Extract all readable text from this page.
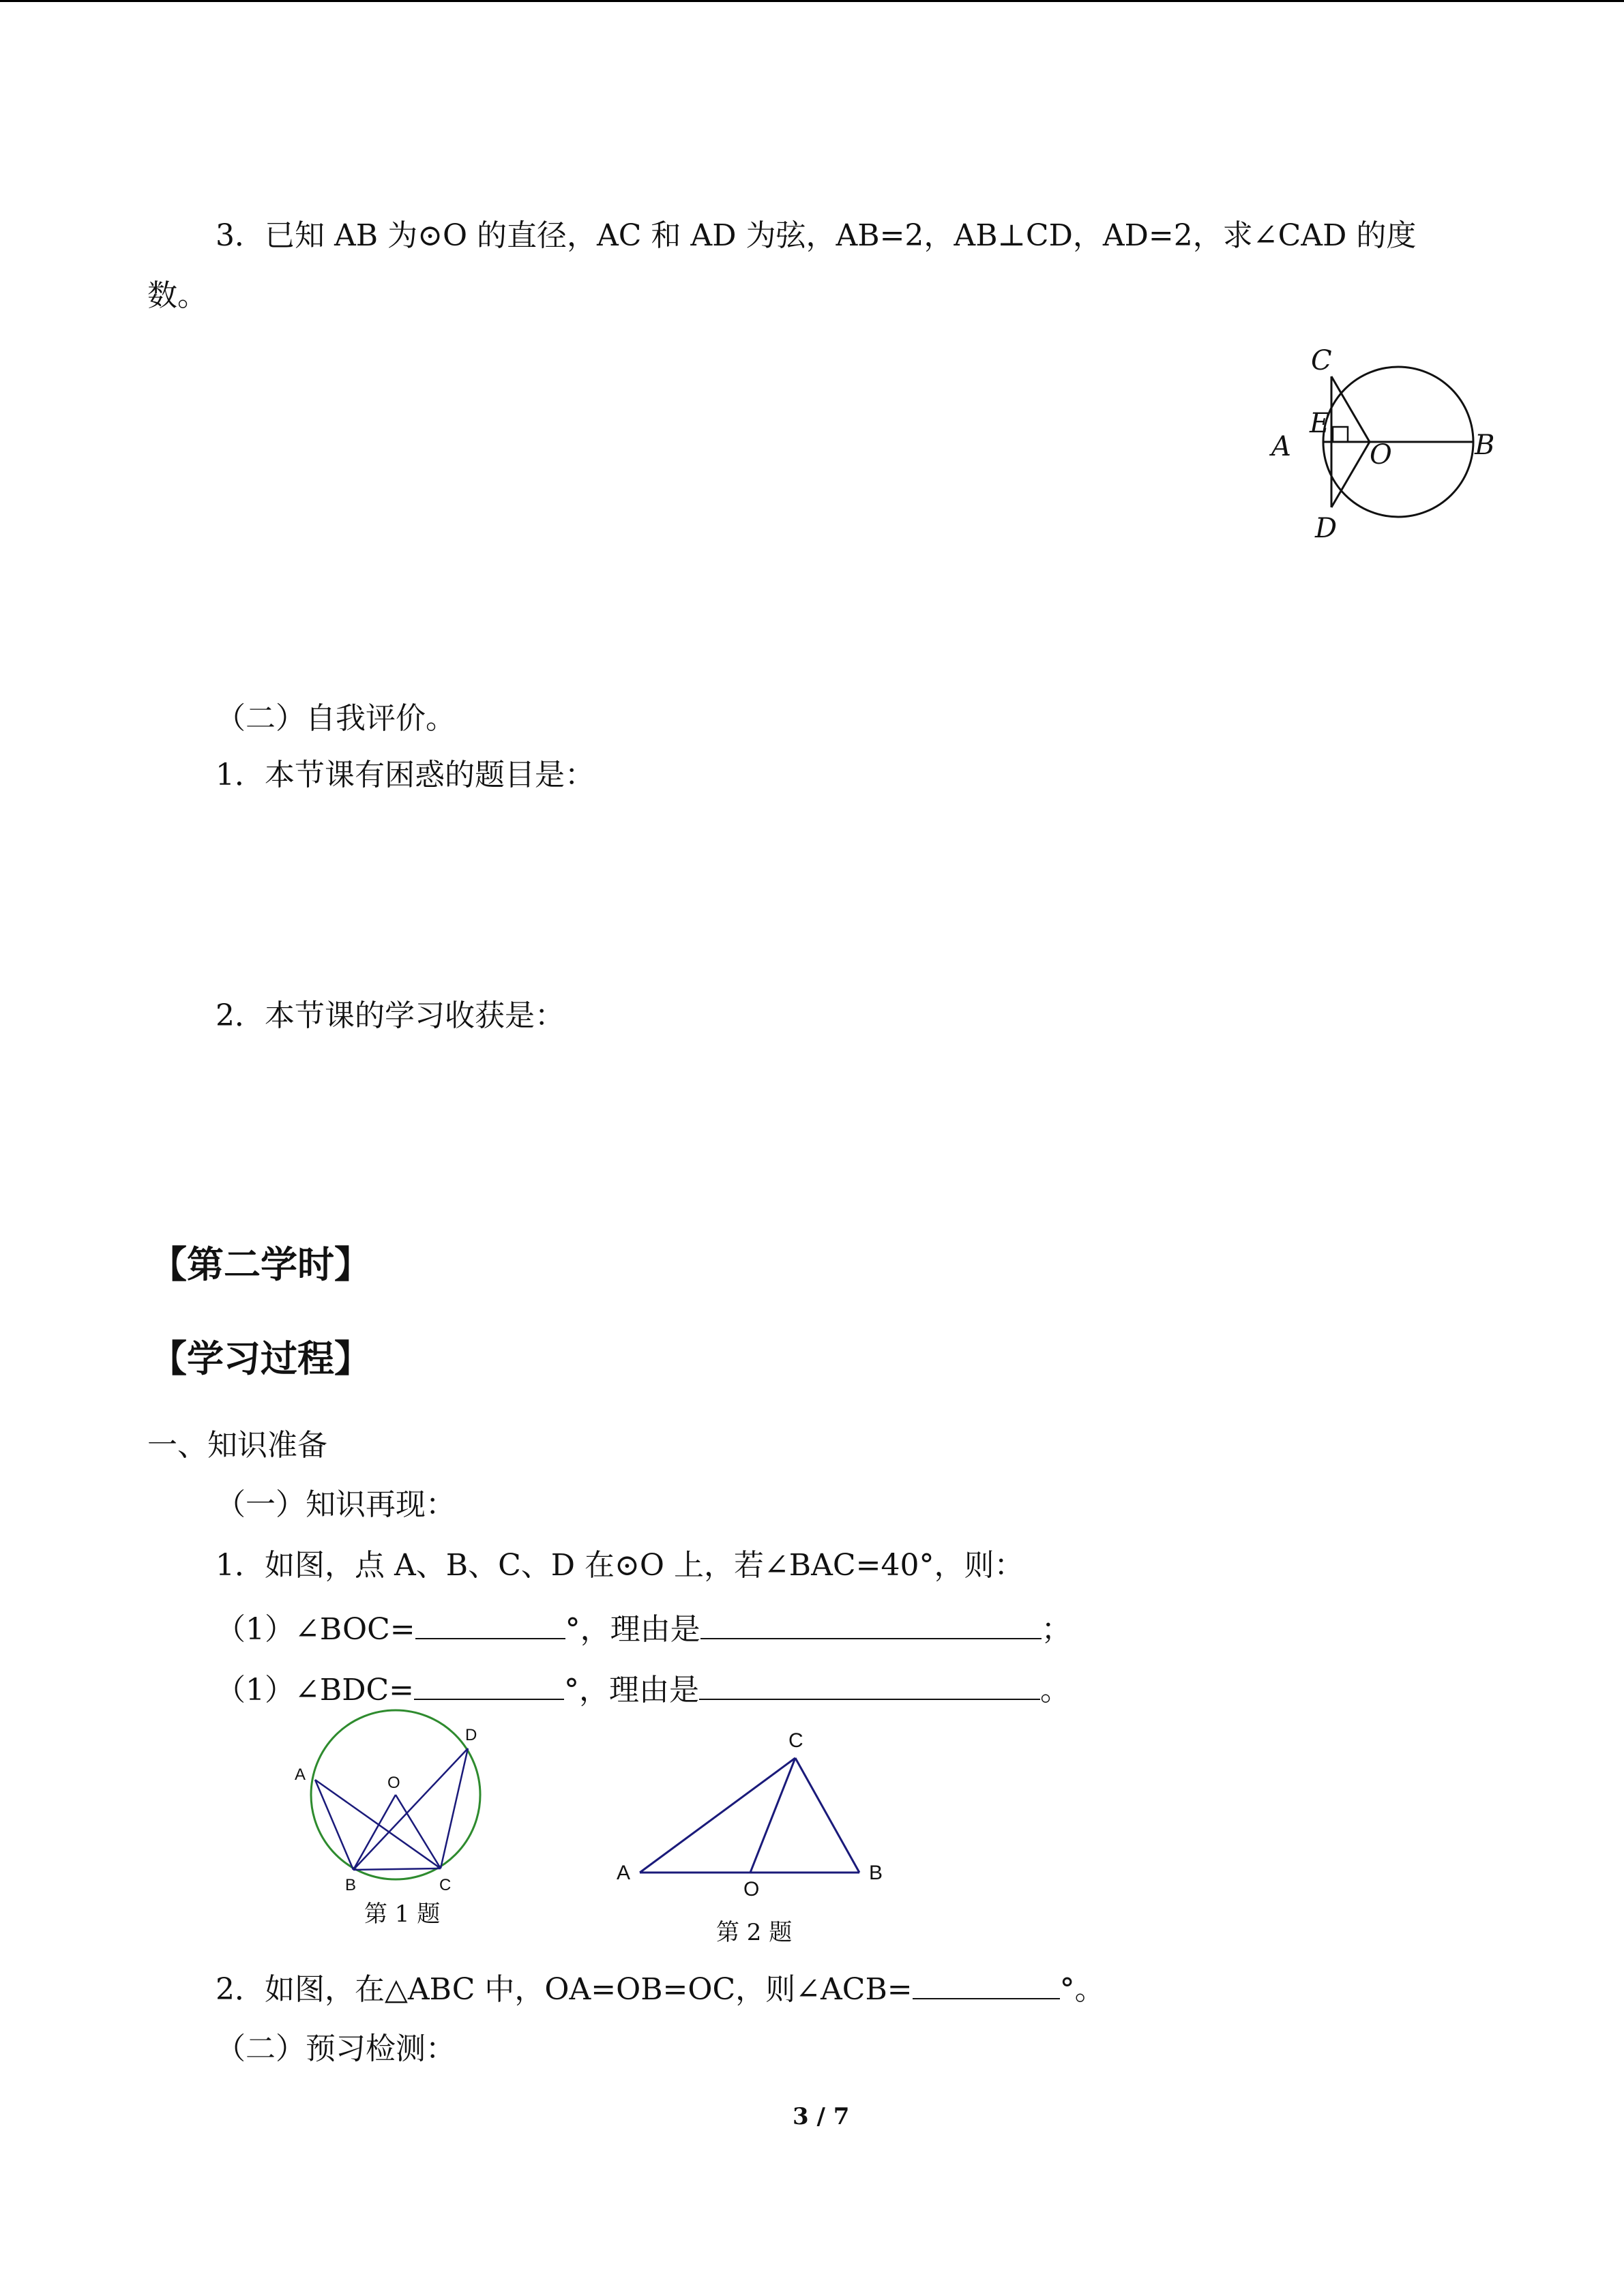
3．已知 AB 为⊙O 的直径，AC 和 AD 为弦，AB=2，AB⊥CD，AD=2，求∠CAD 的度
数。
C
E
A	O	B
D
（二）自我评价。
1．本节课有困惑的题目是：
2．本节课的学习收获是：
【第二学时】
【学习过程】
一、知识准备
（一）知识再现：
1．如图，点 A、B、C、D 在⊙O 上，若∠BAC=40°，则：
（1）∠BOC=	°，理由是	；
（1）∠BDC=	°，理由是	。
A
D
O
B	C
第 1 题
C
A
O
B
第 2 题
2．如图，在△ABC 中，OA=OB=OC，则∠ACB=	°。
（二）预习检测：
3 / 7
